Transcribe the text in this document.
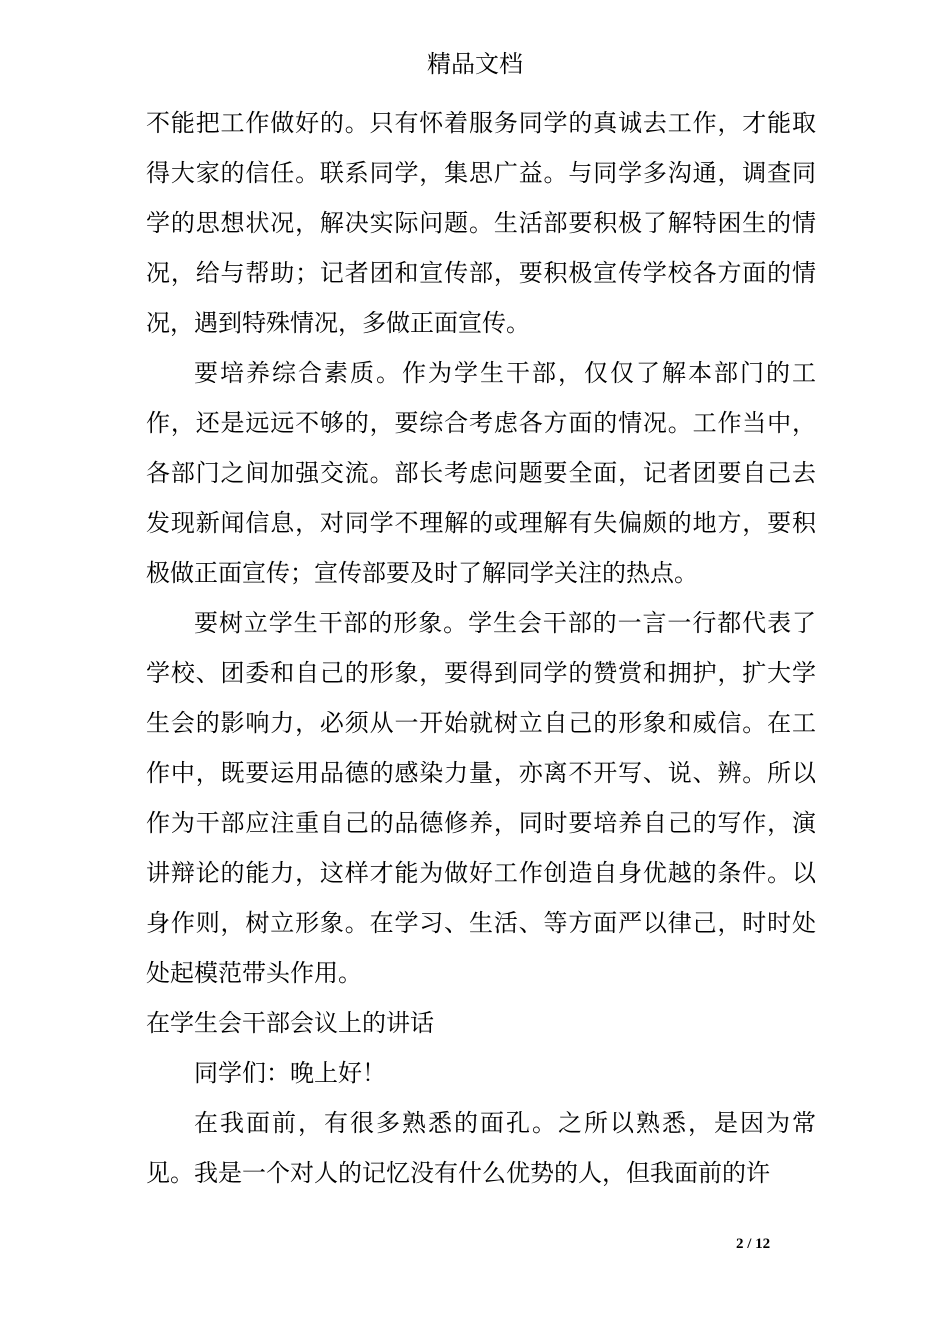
精品文档

不能把工作做好的。只有怀着服务同学的真诚去工作，才能取得大家的信任。联系同学，集思广益。与同学多沟通，调查同学的思想状况，解决实际问题。生活部要积极了解特困生的情况，给与帮助；记者团和宣传部，要积极宣传学校各方面的情况，遇到特殊情况，多做正面宣传。

要培养综合素质。作为学生干部，仅仅了解本部门的工作，还是远远不够的，要综合考虑各方面的情况。工作当中，各部门之间加强交流。部长考虑问题要全面，记者团要自己去发现新闻信息，对同学不理解的或理解有失偏颇的地方，要积极做正面宣传；宣传部要及时了解同学关注的热点。

要树立学生干部的形象。学生会干部的一言一行都代表了学校、团委和自己的形象，要得到同学的赞赏和拥护，扩大学生会的影响力，必须从一开始就树立自己的形象和威信。在工作中，既要运用品德的感染力量，亦离不开写、说、辨。所以作为干部应注重自己的品德修养，同时要培养自己的写作，演讲辩论的能力，这样才能为做好工作创造自身优越的条件。以身作则，树立形象。在学习、生活、等方面严以律己，时时处处起模范带头作用。

在学生会干部会议上的讲话

同学们：晚上好！

在我面前，有很多熟悉的面孔。之所以熟悉，是因为常见。我是一个对人的记忆没有什么优势的人，但我面前的许

2 / 12
